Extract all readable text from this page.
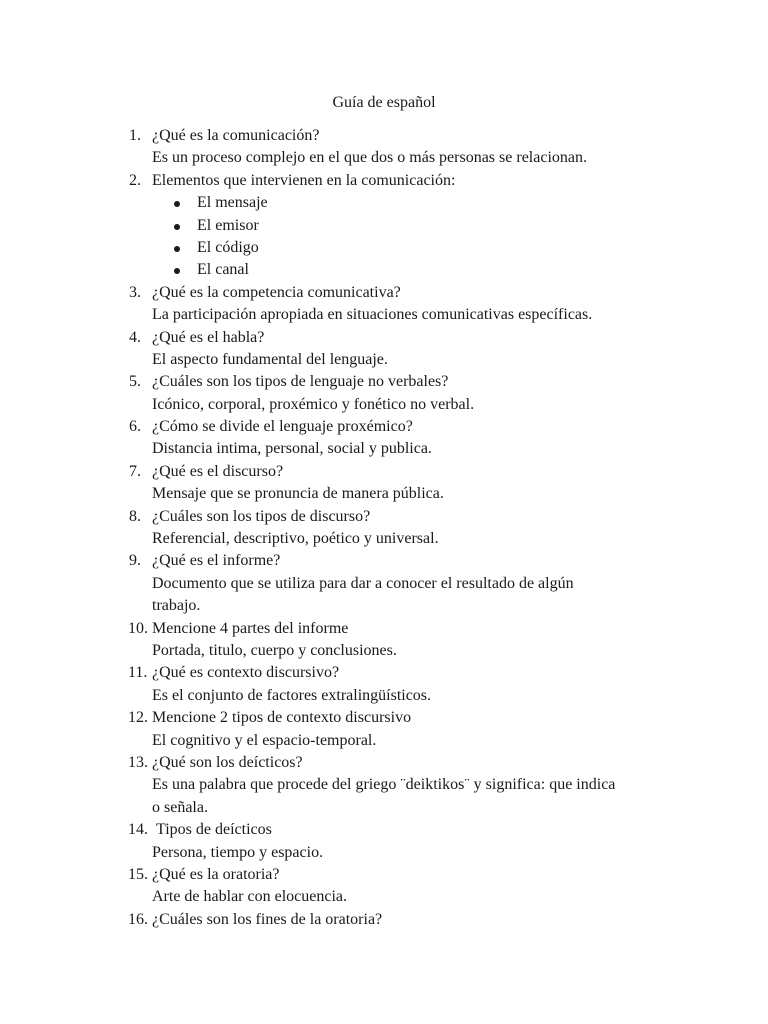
Guía de español
1. ¿Qué es la comunicación?
Es un proceso complejo en el que dos o más personas se relacionan.
2. Elementos que intervienen en la comunicación:
El mensaje
El emisor
El código
El canal
3. ¿Qué es la competencia comunicativa?
La participación apropiada en situaciones comunicativas específicas.
4. ¿Qué es el habla?
El aspecto fundamental del lenguaje.
5. ¿Cuáles son los tipos de lenguaje no verbales?
Icónico, corporal, proxémico y fonético no verbal.
6. ¿Cómo se divide el lenguaje proxémico?
Distancia intima, personal, social y publica.
7. ¿Qué es el discurso?
Mensaje que se pronuncia de manera pública.
8. ¿Cuáles son los tipos de discurso?
Referencial, descriptivo, poético y universal.
9. ¿Qué es el informe?
Documento que se utiliza para dar a conocer el resultado de algún
trabajo.
10. Mencione 4 partes del informe
Portada, titulo, cuerpo y conclusiones.
11. ¿Qué es contexto discursivo?
Es el conjunto de factores extralingüísticos.
12. Mencione 2 tipos de contexto discursivo
El cognitivo y el espacio-temporal.
13. ¿Qué son los deícticos?
Es una palabra que procede del griego ¨deiktikos¨ y significa: que indica
o señala.
14. Tipos de deícticos
Persona, tiempo y espacio.
15. ¿Qué es la oratoria?
Arte de hablar con elocuencia.
16. ¿Cuáles son los fines de la oratoria?
